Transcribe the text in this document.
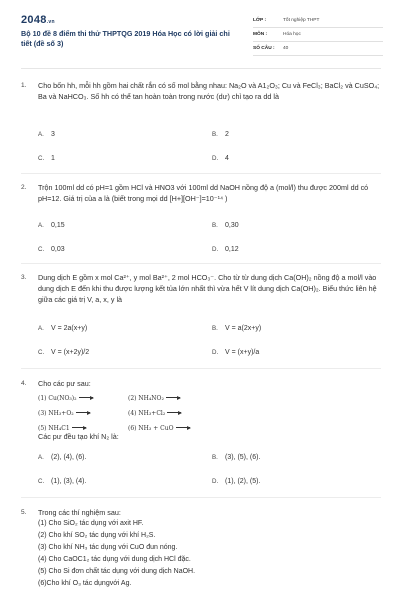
2048.vn
Bộ 10 đề 8 điểm thi thử THPTQG 2019 Hóa Học có lời giải chi tiết (đề số 3)
LỚP :	Tốt nghiệp THPT
MÔN :	Hóa học
SỐ CÂU :	40
1.	Cho bốn hh, mỗi hh gồm hai chất rắn có số mol bằng nhau: Na₂O và A1₂O₃; Cu và FeCl₃; BaCl₂ và CuSO₄; Ba và NaHCO₃. Số hh có thể tan hoàn toàn trong nước (dư) chỉ tạo ra dd là
A. 3	B. 2
C. 1	D. 4
2.	Trộn 100ml dd có pH=1 gồm HCl và HNO3 với 100ml dd NaOH nồng độ a (mol/l) thu được 200ml dd có pH=12. Giá trị của a là (biết trong mọi dd [H+][OH⁻]=10⁻¹⁴ )
A. 0,15	B. 0,30
C. 0,03	D. 0,12
3.	Dung dịch E gồm x mol Ca²⁺, y mol Ba²⁺, 2 mol HCO₃⁻. Cho từ từ dung dịch Ca(OH)₂ nồng độ a mol/l vào dung dịch E đến khi thu được lượng kết tủa lớn nhất thì vừa hết V lít dung dịch Ca(OH)₂. Biểu thức liên hệ giữa các giá trị V, a, x, y là
A. V = 2a(x+y)	B. V = a(2x+y)
C. V = (x+2y)/2	D. V = (x+y)/a
4.	Cho các pư sau:
(1) Cu(NO₃)₂	(2) NH₄NO₂
(3) NH₃+O₂	(4) NH₃+Cl₂
(5) NH₄C1	(6) NH₃ + CuO
Các pư đều tạo khí N₂ là:
A. (2), (4), (6).	B. (3), (5), (6).
C. (1), (3), (4).	D. (1), (2), (5).
5.	Trong các thí nghiệm sau:
(1) Cho SiO₂ tác dụng với axit HF.
(2) Cho khí SO₂ tác dụng với khí H₂S.
(3) Cho khí NH₃ tác dụng với CuO đun nóng.
(4) Cho CaOC1₂ tác dụng với dung dịch HCl đặc.
(5) Cho Si đơn chất tác dụng với dung dịch NaOH.
(6)Cho khí O₃ tác dụngvới Ag.
